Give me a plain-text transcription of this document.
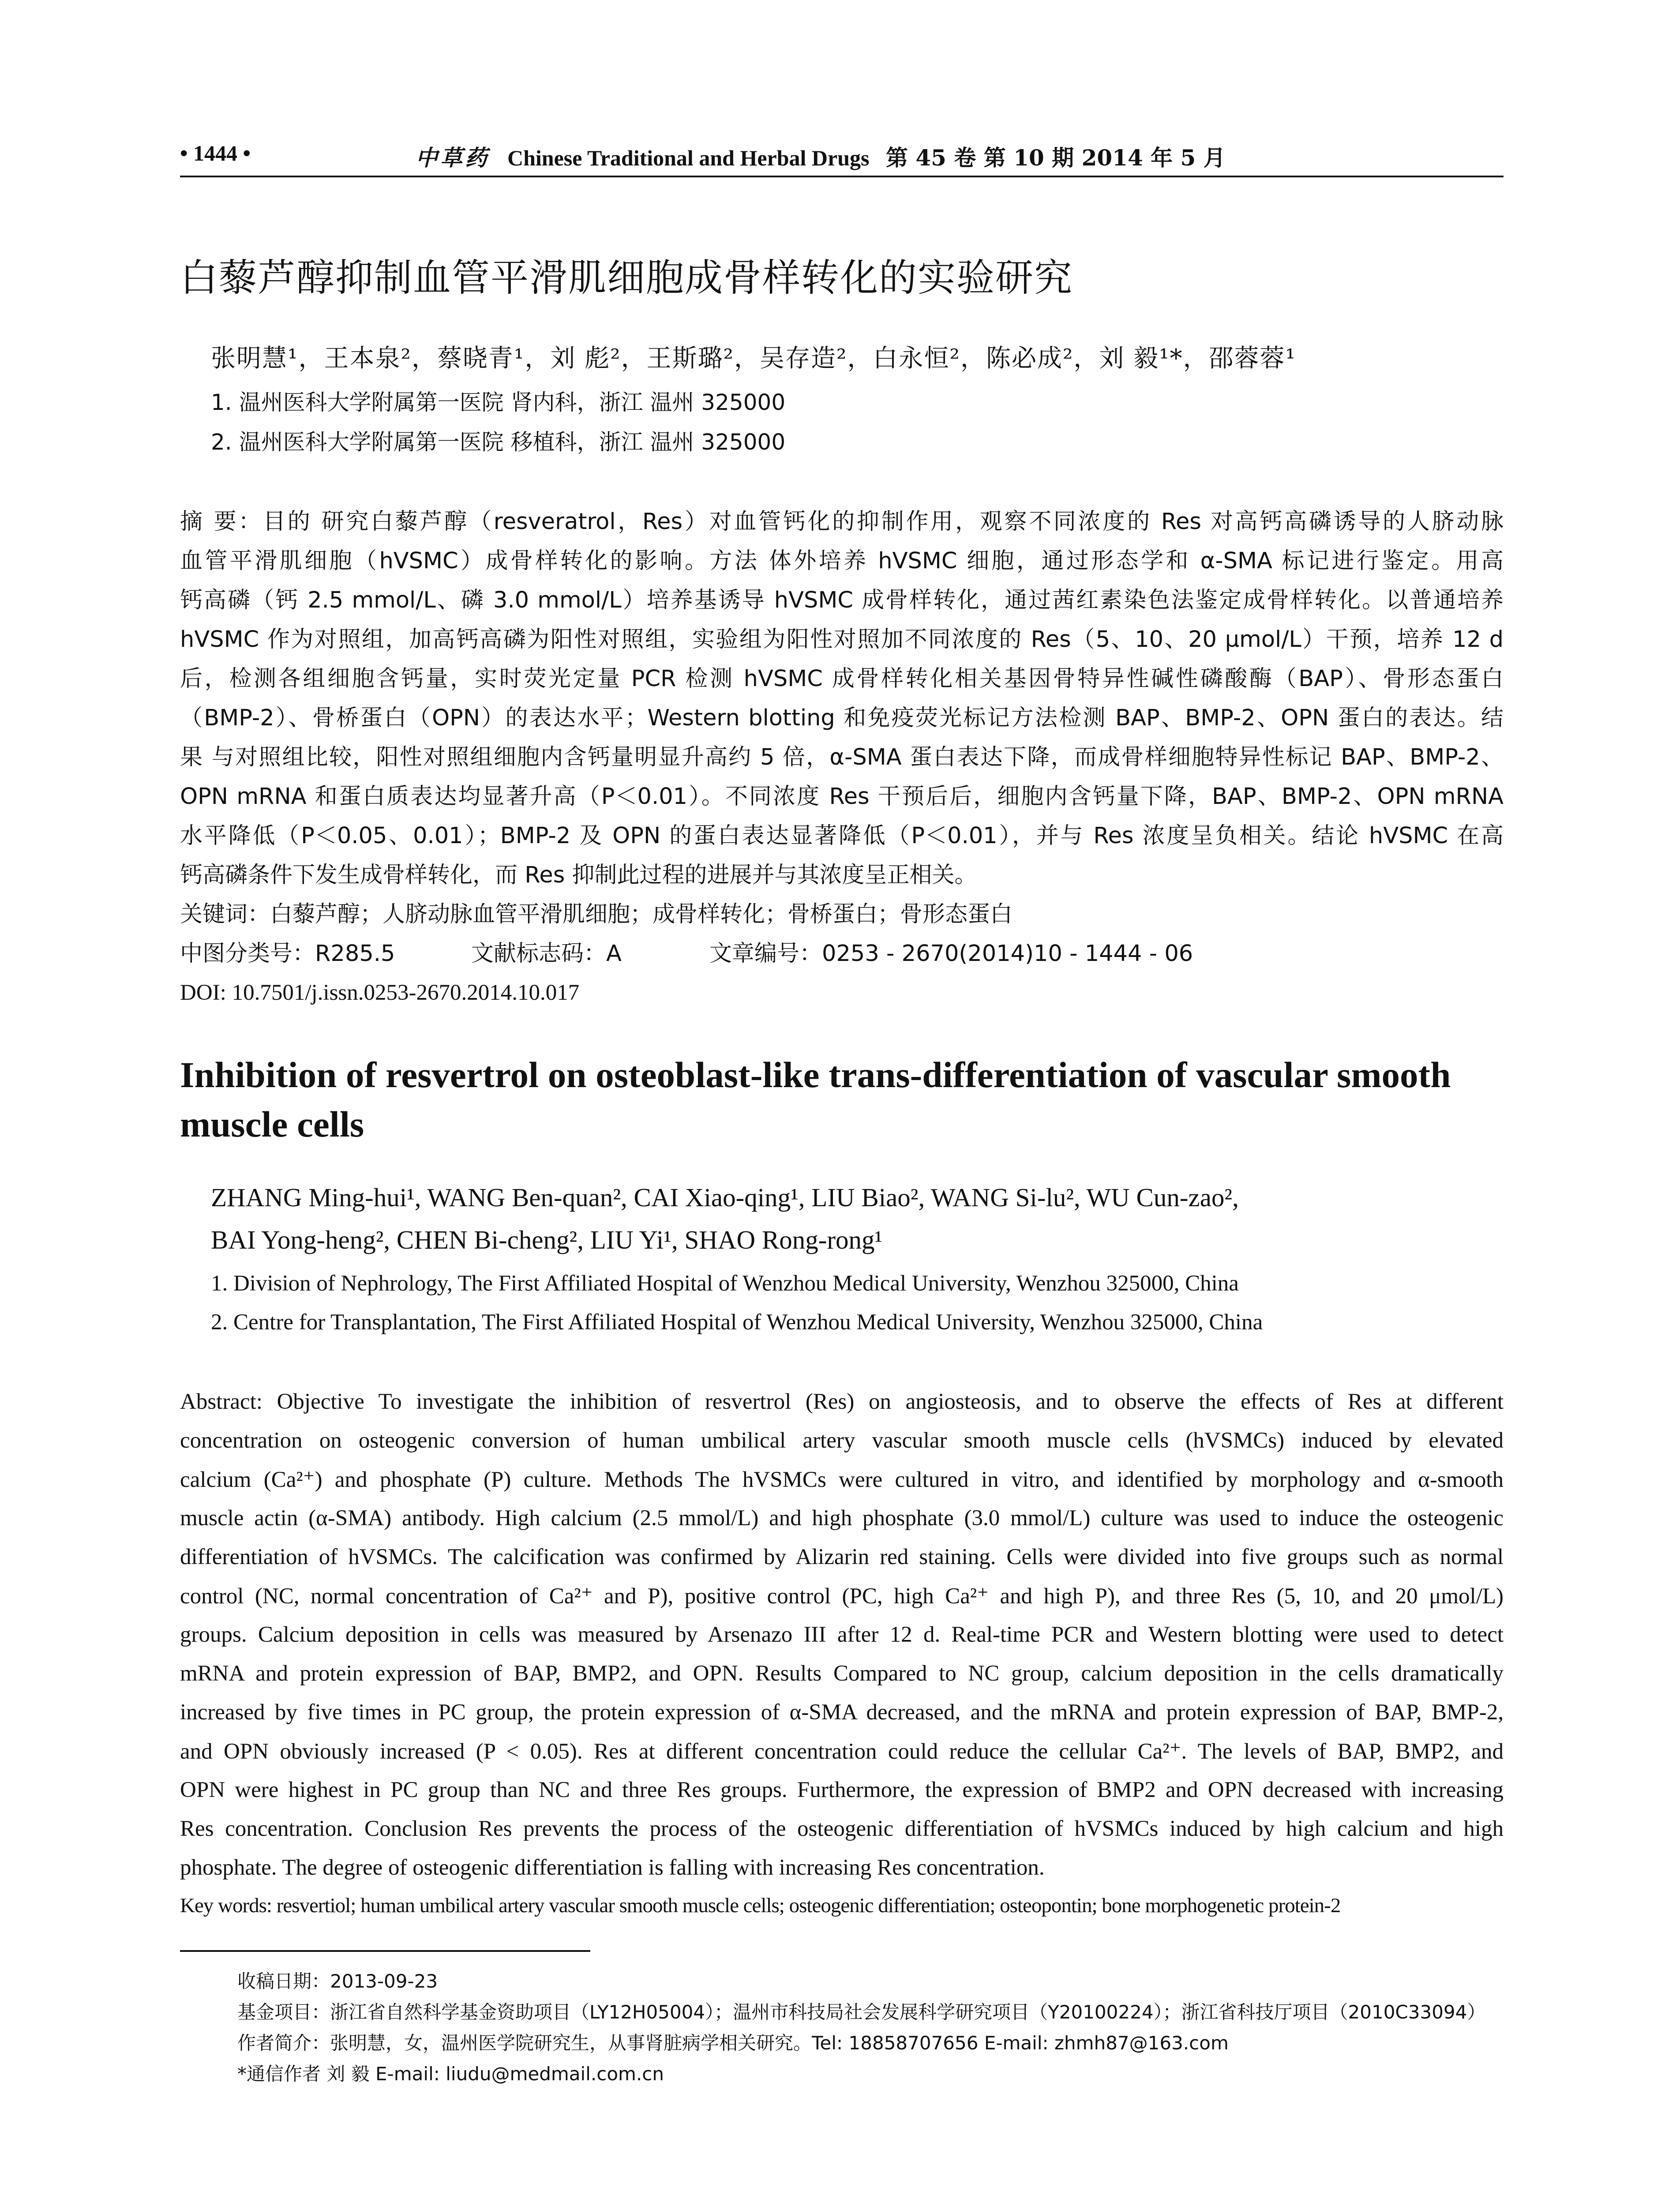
• 1444 •	中草药 Chinese Traditional and Herbal Drugs 第 45 卷 第 10 期 2014 年 5 月
白藜芦醇抑制血管平滑肌细胞成骨样转化的实验研究
张明慧¹，王本泉²，蔡晓青¹，刘 彪²，王斯璐²，吴存造²，白永恒²，陈必成²，刘 毅¹*，邵蓉蓉¹
1. 温州医科大学附属第一医院 肾内科，浙江 温州 325000
2. 温州医科大学附属第一医院 移植科，浙江 温州 325000
摘 要：目的 研究白藜芦醇（resveratrol，Res）对血管钙化的抑制作用，观察不同浓度的 Res 对高钙高磷诱导的人脐动脉
血管平滑肌细胞（hVSMC）成骨样转化的影响。方法 体外培养 hVSMC 细胞，通过形态学和 α-SMA 标记进行鉴定。用高
钙高磷（钙 2.5 mmol/L、磷 3.0 mmol/L）培养基诱导 hVSMC 成骨样转化，通过茜红素染色法鉴定成骨样转化。以普通培养
hVSMC 作为对照组，加高钙高磷为阳性对照组，实验组为阳性对照加不同浓度的 Res（5、10、20 μmol/L）干预，培养 12 d
后，检测各组细胞含钙量，实时荧光定量 PCR 检测 hVSMC 成骨样转化相关基因骨特异性碱性磷酸酶（BAP）、骨形态蛋白
（BMP-2）、骨桥蛋白（OPN）的表达水平；Western blotting 和免疫荧光标记方法检测 BAP、BMP-2、OPN 蛋白的表达。结
果 与对照组比较，阳性对照组细胞内含钙量明显升高约 5 倍，α-SMA 蛋白表达下降，而成骨样细胞特异性标记 BAP、BMP-2、
OPN mRNA 和蛋白质表达均显著升高（P＜0.01）。不同浓度 Res 干预后后，细胞内含钙量下降，BAP、BMP-2、OPN mRNA
水平降低（P＜0.05、0.01）；BMP-2 及 OPN 的蛋白表达显著降低（P＜0.01），并与 Res 浓度呈负相关。结论 hVSMC 在高
钙高磷条件下发生成骨样转化，而 Res 抑制此过程的进展并与其浓度呈正相关。
关键词：白藜芦醇；人脐动脉血管平滑肌细胞；成骨样转化；骨桥蛋白；骨形态蛋白
中图分类号：R285.5	文献标志码：A	文章编号：0253 - 2670(2014)10 - 1444 - 06
DOI: 10.7501/j.issn.0253-2670.2014.10.017
Inhibition of resvertrol on osteoblast-like trans-differentiation of vascular smooth muscle cells
ZHANG Ming-hui¹, WANG Ben-quan², CAI Xiao-qing¹, LIU Biao², WANG Si-lu², WU Cun-zao²,
BAI Yong-heng², CHEN Bi-cheng², LIU Yi¹, SHAO Rong-rong¹
1. Division of Nephrology, The First Affiliated Hospital of Wenzhou Medical University, Wenzhou 325000, China
2. Centre for Transplantation, The First Affiliated Hospital of Wenzhou Medical University, Wenzhou 325000, China
Abstract: Objective To investigate the inhibition of resvertrol (Res) on angiosteosis, and to observe the effects of Res at different
concentration on osteogenic conversion of human umbilical artery vascular smooth muscle cells (hVSMCs) induced by elevated
calcium (Ca²⁺) and phosphate (P) culture. Methods The hVSMCs were cultured in vitro, and identified by morphology and α-smooth
muscle actin (α-SMA) antibody. High calcium (2.5 mmol/L) and high phosphate (3.0 mmol/L) culture was used to induce the osteogenic
differentiation of hVSMCs. The calcification was confirmed by Alizarin red staining. Cells were divided into five groups such as normal
control (NC, normal concentration of Ca²⁺ and P), positive control (PC, high Ca²⁺ and high P), and three Res (5, 10, and 20 μmol/L)
groups. Calcium deposition in cells was measured by Arsenazo III after 12 d. Real-time PCR and Western blotting were used to detect
mRNA and protein expression of BAP, BMP2, and OPN. Results Compared to NC group, calcium deposition in the cells dramatically
increased by five times in PC group, the protein expression of α-SMA decreased, and the mRNA and protein expression of BAP, BMP-2,
and OPN obviously increased (P < 0.05). Res at different concentration could reduce the cellular Ca²⁺. The levels of BAP, BMP2, and
OPN were highest in PC group than NC and three Res groups. Furthermore, the expression of BMP2 and OPN decreased with increasing
Res concentration. Conclusion Res prevents the process of the osteogenic differentiation of hVSMCs induced by high calcium and high
phosphate. The degree of osteogenic differentiation is falling with increasing Res concentration.
Key words: resvertiol; human umbilical artery vascular smooth muscle cells; osteogenic differentiation; osteopontin; bone morphogenetic protein-2
收稿日期：2013-09-23
基金项目：浙江省自然科学基金资助项目（LY12H05004）；温州市科技局社会发展科学研究项目（Y20100224）；浙江省科技厅项目（2010C33094）
作者简介：张明慧，女，温州医学院研究生，从事肾脏病学相关研究。Tel: 18858707656 E-mail: zhmh87@163.com
*通信作者 刘 毅 E-mail: liudu@medmail.com.cn
